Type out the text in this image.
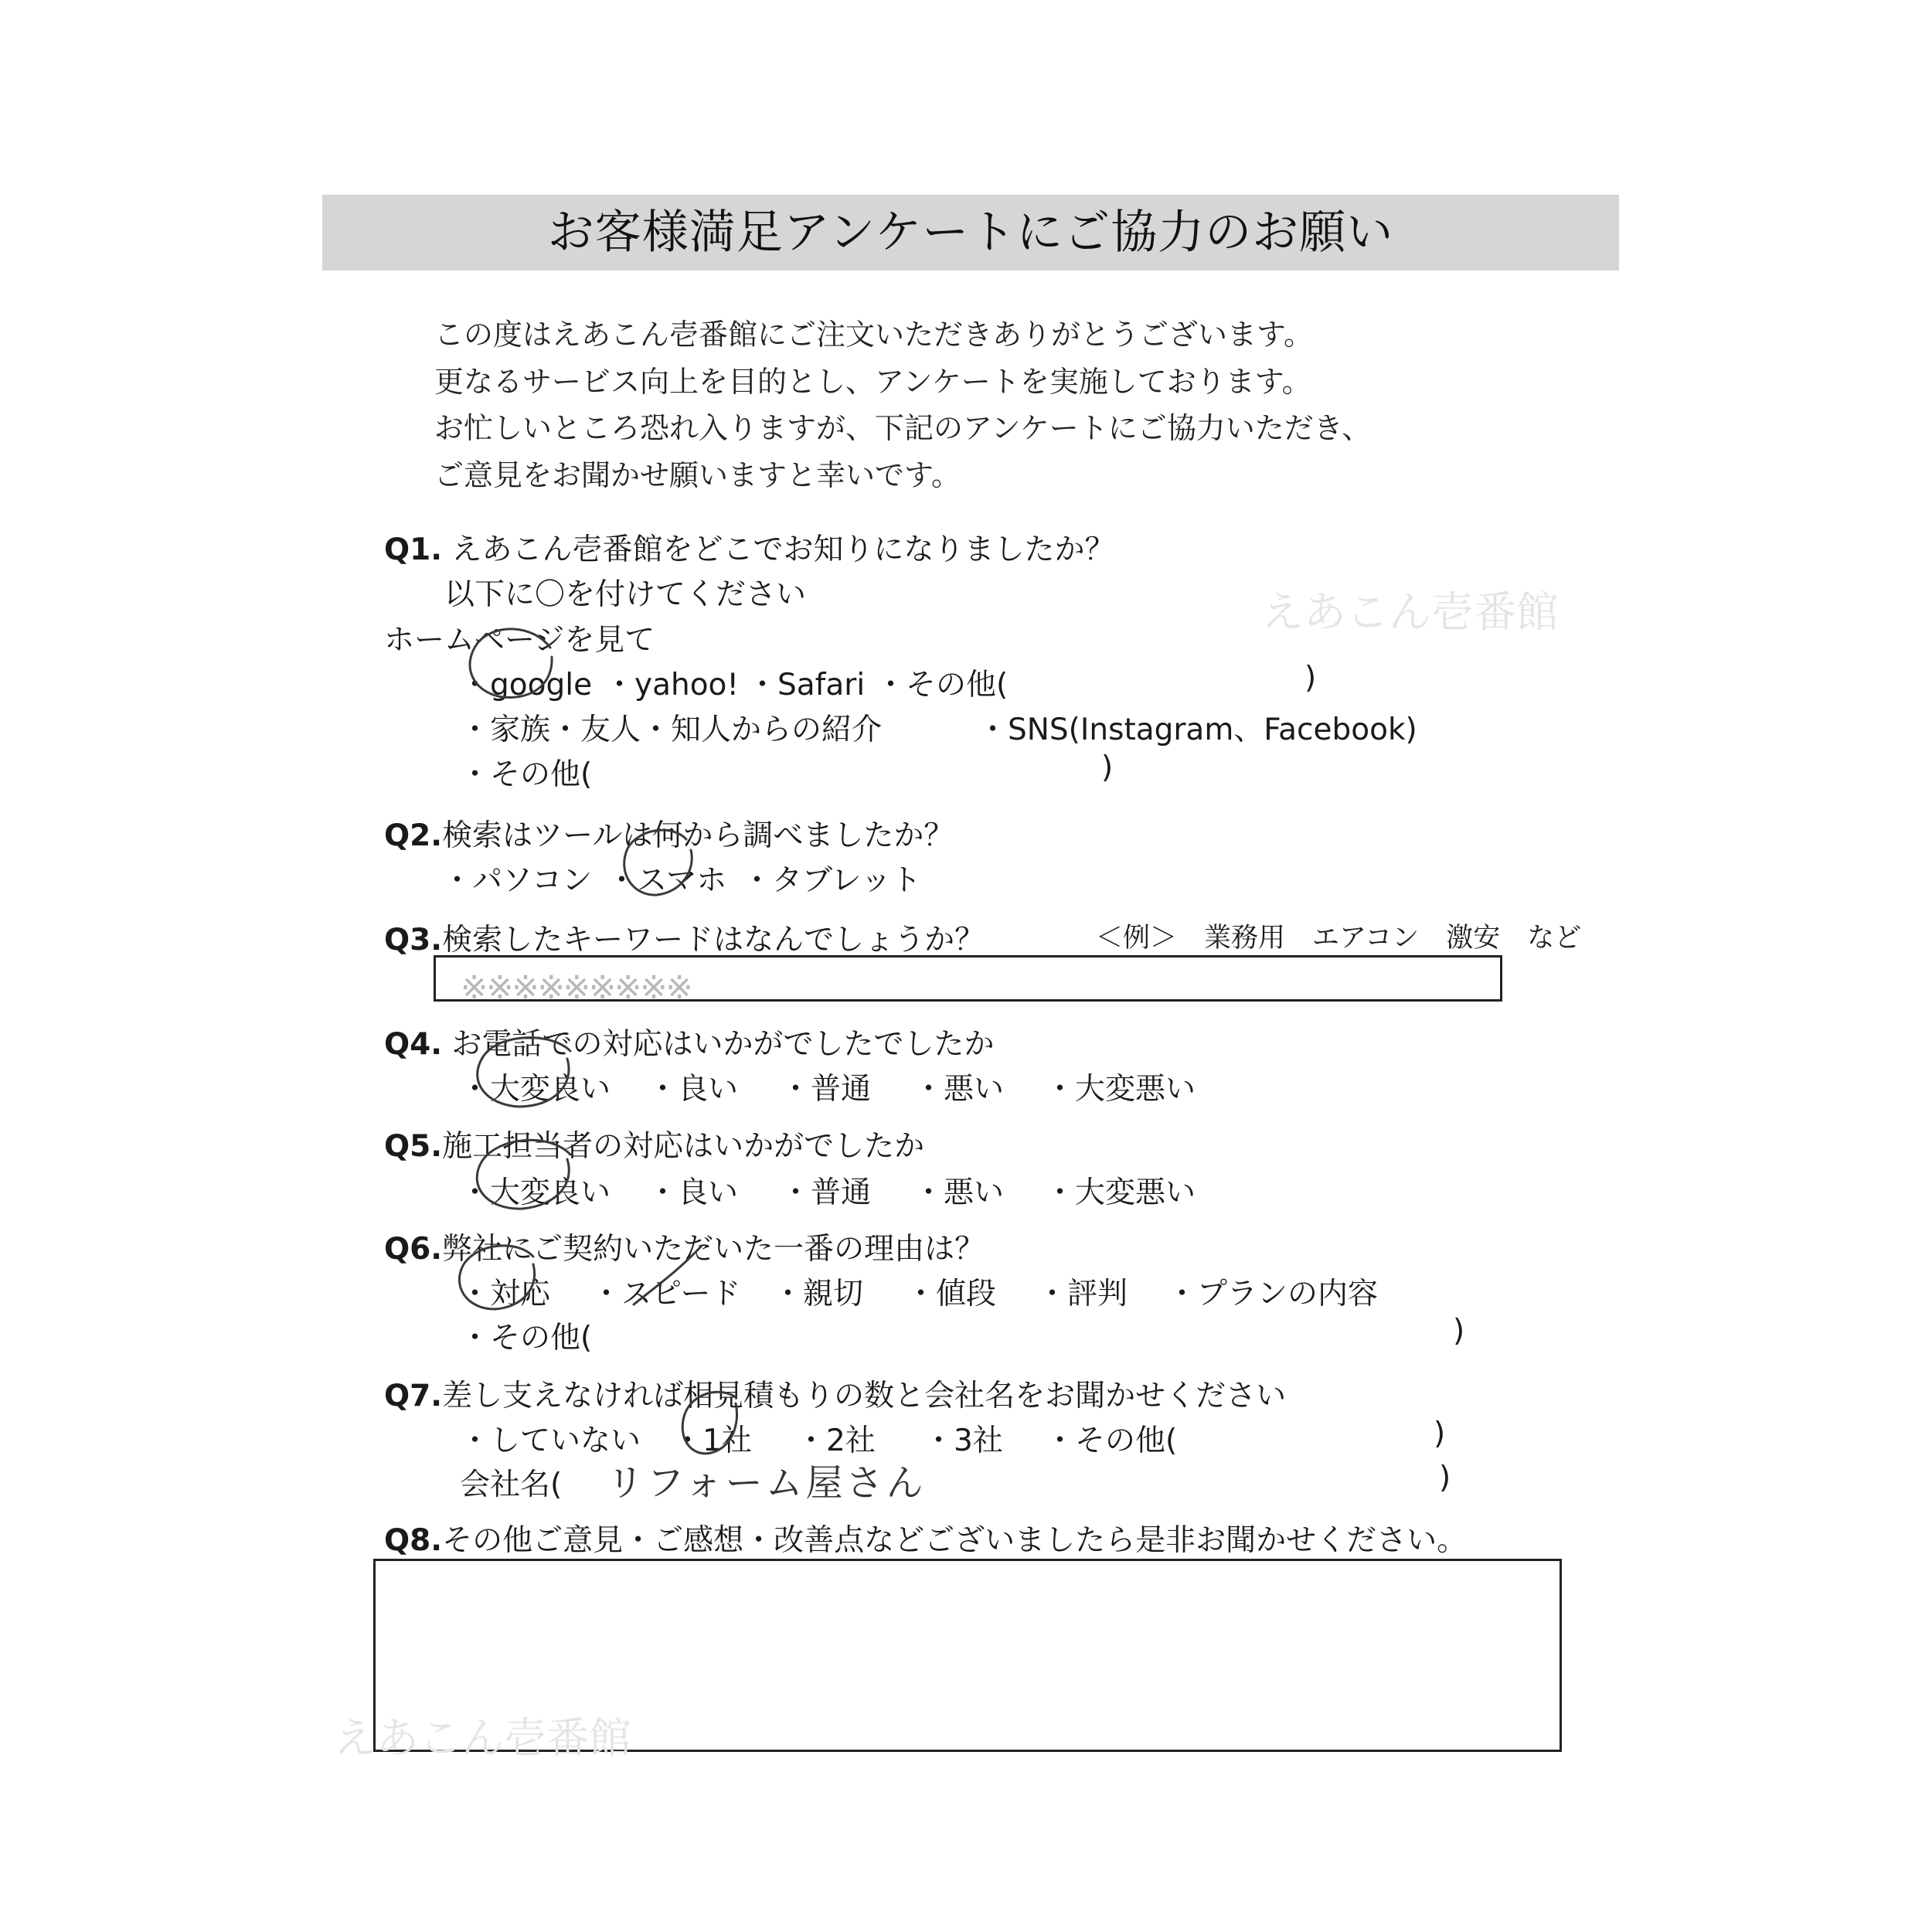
お客様満足アンケートにご協力のお願い
この度はえあこん壱番館にご注文いただきありがとうございます。
更なるサービス向上を目的とし、アンケートを実施しております。
お忙しいところ恐れ入りますが、下記のアンケートにご協力いただき、
ご意見をお聞かせ願いますと幸いです。
えあこん壱番館
Q1. えあこん壱番館をどこでお知りになりましたか？
以下に〇を付けてください
ホームページを見て
・google ・yahoo! ・Safari ・その他(	)
・家族・友人・知人からの紹介	・SNS(Instagram、Facebook)
・その他(	)
Q2.検索はツールは何から調べましたか？
・パソコン ・スマホ ・タブレット
Q3.検索したキーワードはなんでしょうか？	＜例＞　業務用　エアコン　激安　など
※※※※※※※※※
Q4. お電話での対応はいかがでしたでしたか
・大変良い ・良い ・普通 ・悪い ・大変悪い
Q5.施工担当者の対応はいかがでしたか
・大変良い ・良い ・普通 ・悪い ・大変悪い
Q6.弊社にご契約いただいた一番の理由は？
・対応 ・スピード ・親切 ・値段 ・評判 ・プランの内容
・その他(	)
Q7.差し支えなければ相見積もりの数と会社名をお聞かせください
・していない ・1社 ・2社 ・3社 ・その他(	)
会社名( リフォーム屋さん	)
Q8.その他ご意見・ご感想・改善点などございましたら是非お聞かせください。
えあこん壱番館
